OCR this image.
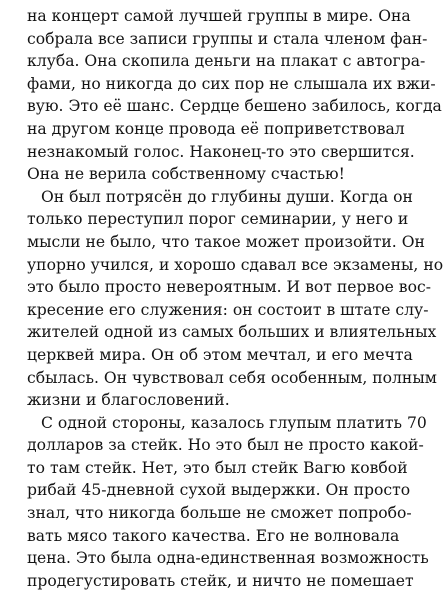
на концерт самой лучшей группы в мире. Она
собрала все записи группы и стала членом фан-
клуба. Она скопила деньги на плакат с автогра-
фами, но никогда до сих пор не слышала их вжи-
вую. Это её шанс. Сердце бешено забилось, когда
на другом конце провода её поприветствовал
незнакомый голос. Наконец-то это свершится.
Она не верила собственному счастью!
Он был потрясён до глубины души. Когда он
только переступил порог семинарии, у него и
мысли не было, что такое может произойти. Он
упорно учился, и хорошо сдавал все экзамены, но
это было просто невероятным. И вот первое вос-
кресение его служения: он состоит в штате слу-
жителей одной из самых больших и влиятельных
церквей мира. Он об этом мечтал, и его мечта
сбылась. Он чувствовал себя особенным, полным
жизни и благословений.
С одной стороны, казалось глупым платить 70
долларов за стейк. Но это был не просто какой-
то там стейк. Нет, это был стейк Вагю ковбой
рибай 45-дневной сухой выдержки. Он просто
знал, что никогда больше не сможет попробо-
вать мясо такого качества. Его не волновала
цена. Это была одна-единственная возможность
продегустировать стейк, и ничто не помешает
